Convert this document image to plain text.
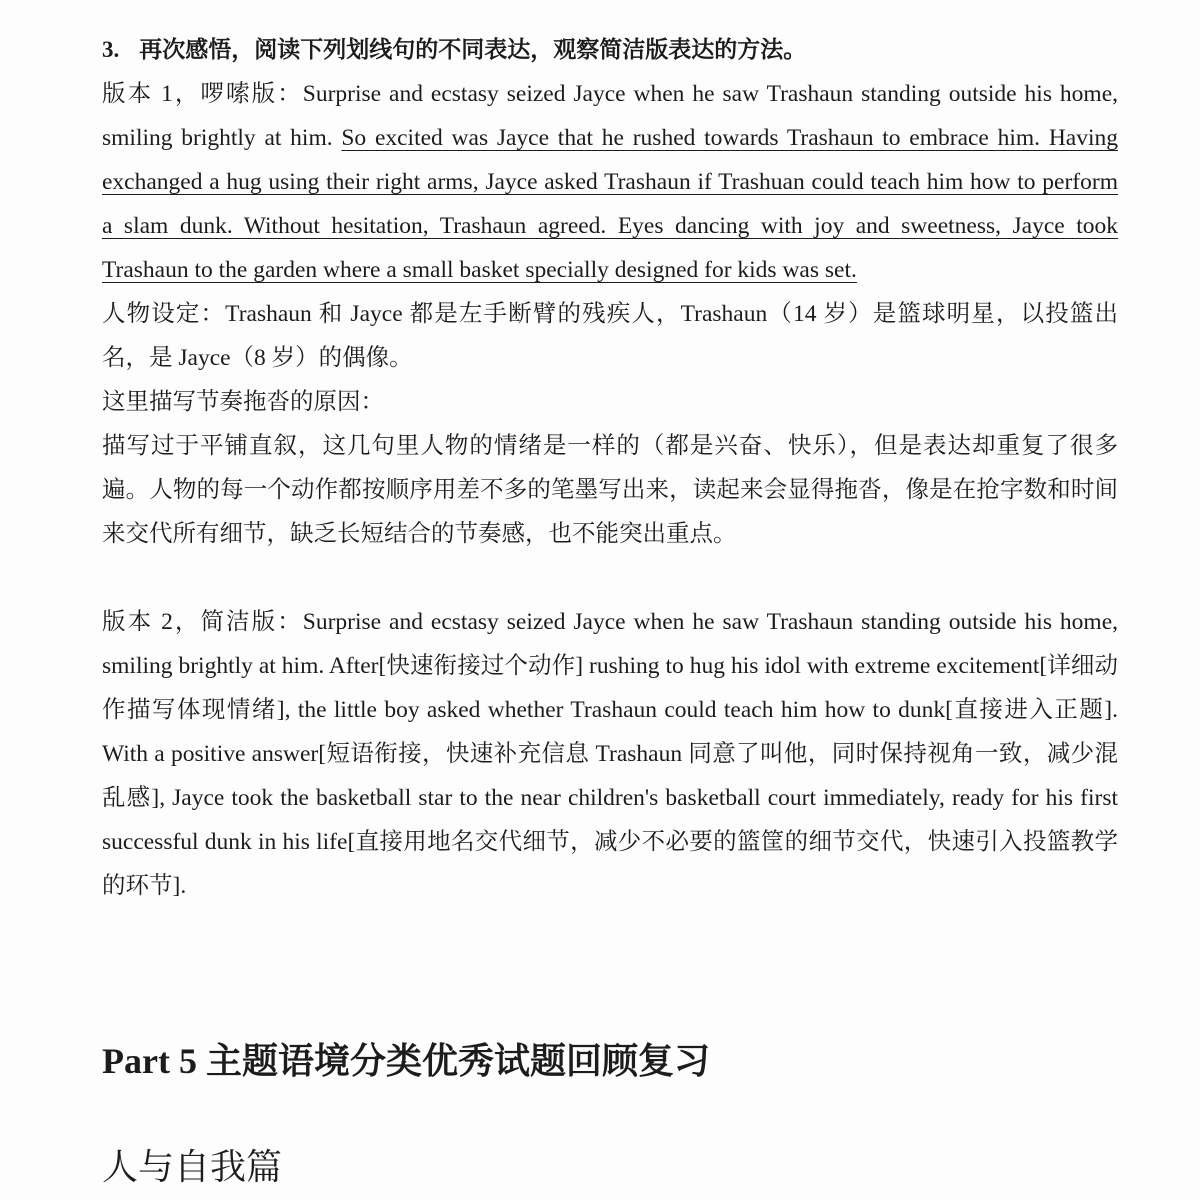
3. 再次感悟，阅读下列划线句的不同表达，观察简洁版表达的方法。

版本 1，啰嗦版：Surprise and ecstasy seized Jayce when he saw Trashaun standing outside his home, smiling brightly at him. So excited was Jayce that he rushed towards Trashaun to embrace him. Having exchanged a hug using their right arms, Jayce asked Trashaun if Trashuan could teach him how to perform a slam dunk. Without hesitation, Trashaun agreed. Eyes dancing with joy and sweetness, Jayce took Trashaun to the garden where a small basket specially designed for kids was set.

人物设定：Trashaun 和 Jayce 都是左手断臂的残疾人，Trashaun（14 岁）是篮球明星，以投篮出名，是 Jayce（8 岁）的偶像。

这里描写节奏拖沓的原因：

描写过于平铺直叙，这几句里人物的情绪是一样的（都是兴奋、快乐），但是表达却重复了很多遍。人物的每一个动作都按顺序用差不多的笔墨写出来，读起来会显得拖沓，像是在抢字数和时间来交代所有细节，缺乏长短结合的节奏感，也不能突出重点。

版本 2，简洁版：Surprise and ecstasy seized Jayce when he saw Trashaun standing outside his home, smiling brightly at him. After[快速衔接过个动作] rushing to hug his idol with extreme excitement[详细动作描写体现情绪], the little boy asked whether Trashaun could teach him how to dunk[直接进入正题]. With a positive answer[短语衔接，快速补充信息 Trashaun 同意了叫他，同时保持视角一致，减少混乱感], Jayce took the basketball star to the near children's basketball court immediately, ready for his first successful dunk in his life[直接用地名交代细节，减少不必要的篮筐的细节交代，快速引入投篮教学的环节].

Part 5 主题语境分类优秀试题回顾复习
人与自我篇
